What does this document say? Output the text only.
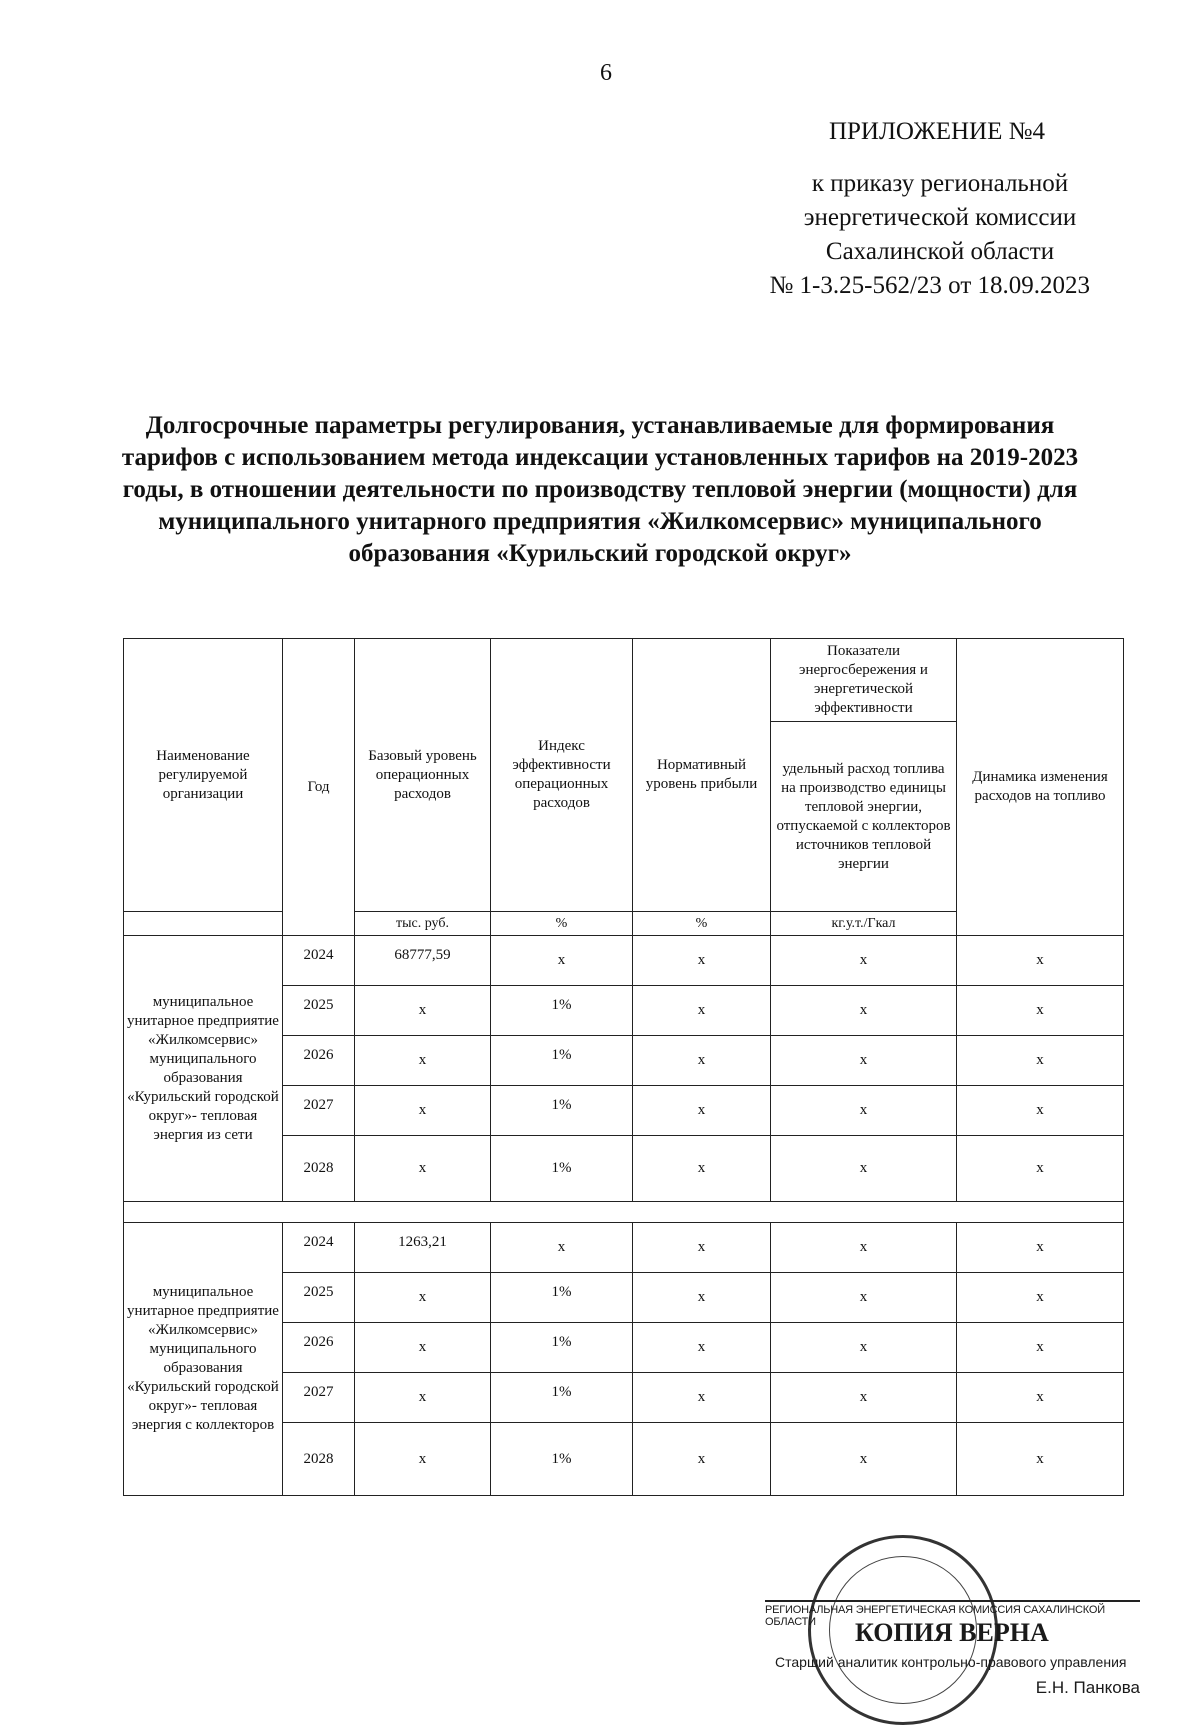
6
ПРИЛОЖЕНИЕ №4
к приказу региональной
энергетической комиссии
Сахалинской области
№ 1-3.25-562/23 от 18.09.2023
Долгосрочные параметры регулирования, устанавливаемые для формирования тарифов с использованием метода индексации установленных тарифов на 2019-2023 годы, в отношении деятельности по производству тепловой энергии (мощности) для муниципального унитарного предприятия «Жилкомсервис» муниципального образования «Курильский городской округ»
Наименование регулируемой организации	Год	Базовый уровень операционных расходов	Индекс эффективности операционных расходов	Нормативный уровень прибыли	Показатели энергосбережения и энергетической эффективности	Динамика изменения расходов на топливо
					удельный расход топлива на производство единицы тепловой энергии, отпускаемой с коллекторов источников тепловой энергии	
		тыс. руб.	%	%	кг.у.т./Гкал	
муниципальное унитарное предприятие «Жилкомсервис» муниципального образования «Курильский городской округ»- тепловая энергия из сети	2024	68777,59	x	x	x	x
	2025	x	1%	x	x	x
	2026	x	1%	x	x	x
	2027	x	1%	x	x	x
	2028	x	1%	x	x	x

муниципальное унитарное предприятие «Жилкомсервис» муниципального образования «Курильский городской округ»- тепловая энергия с коллекторов	2024	1263,21	x	x	x	x
	2025	x	1%	x	x	x
	2026	x	1%	x	x	x
	2027	x	1%	x	x	x
	2028	x	1%	x	x	x
РЕГИОНАЛЬНАЯ ЭНЕРГЕТИЧЕСКАЯ КОМИССИЯ САХАЛИНСКОЙ ОБЛАСТИ	КОПИЯ ВЕРНА
Старший аналитик контрольно-правового управления
Е.Н. Панкова
